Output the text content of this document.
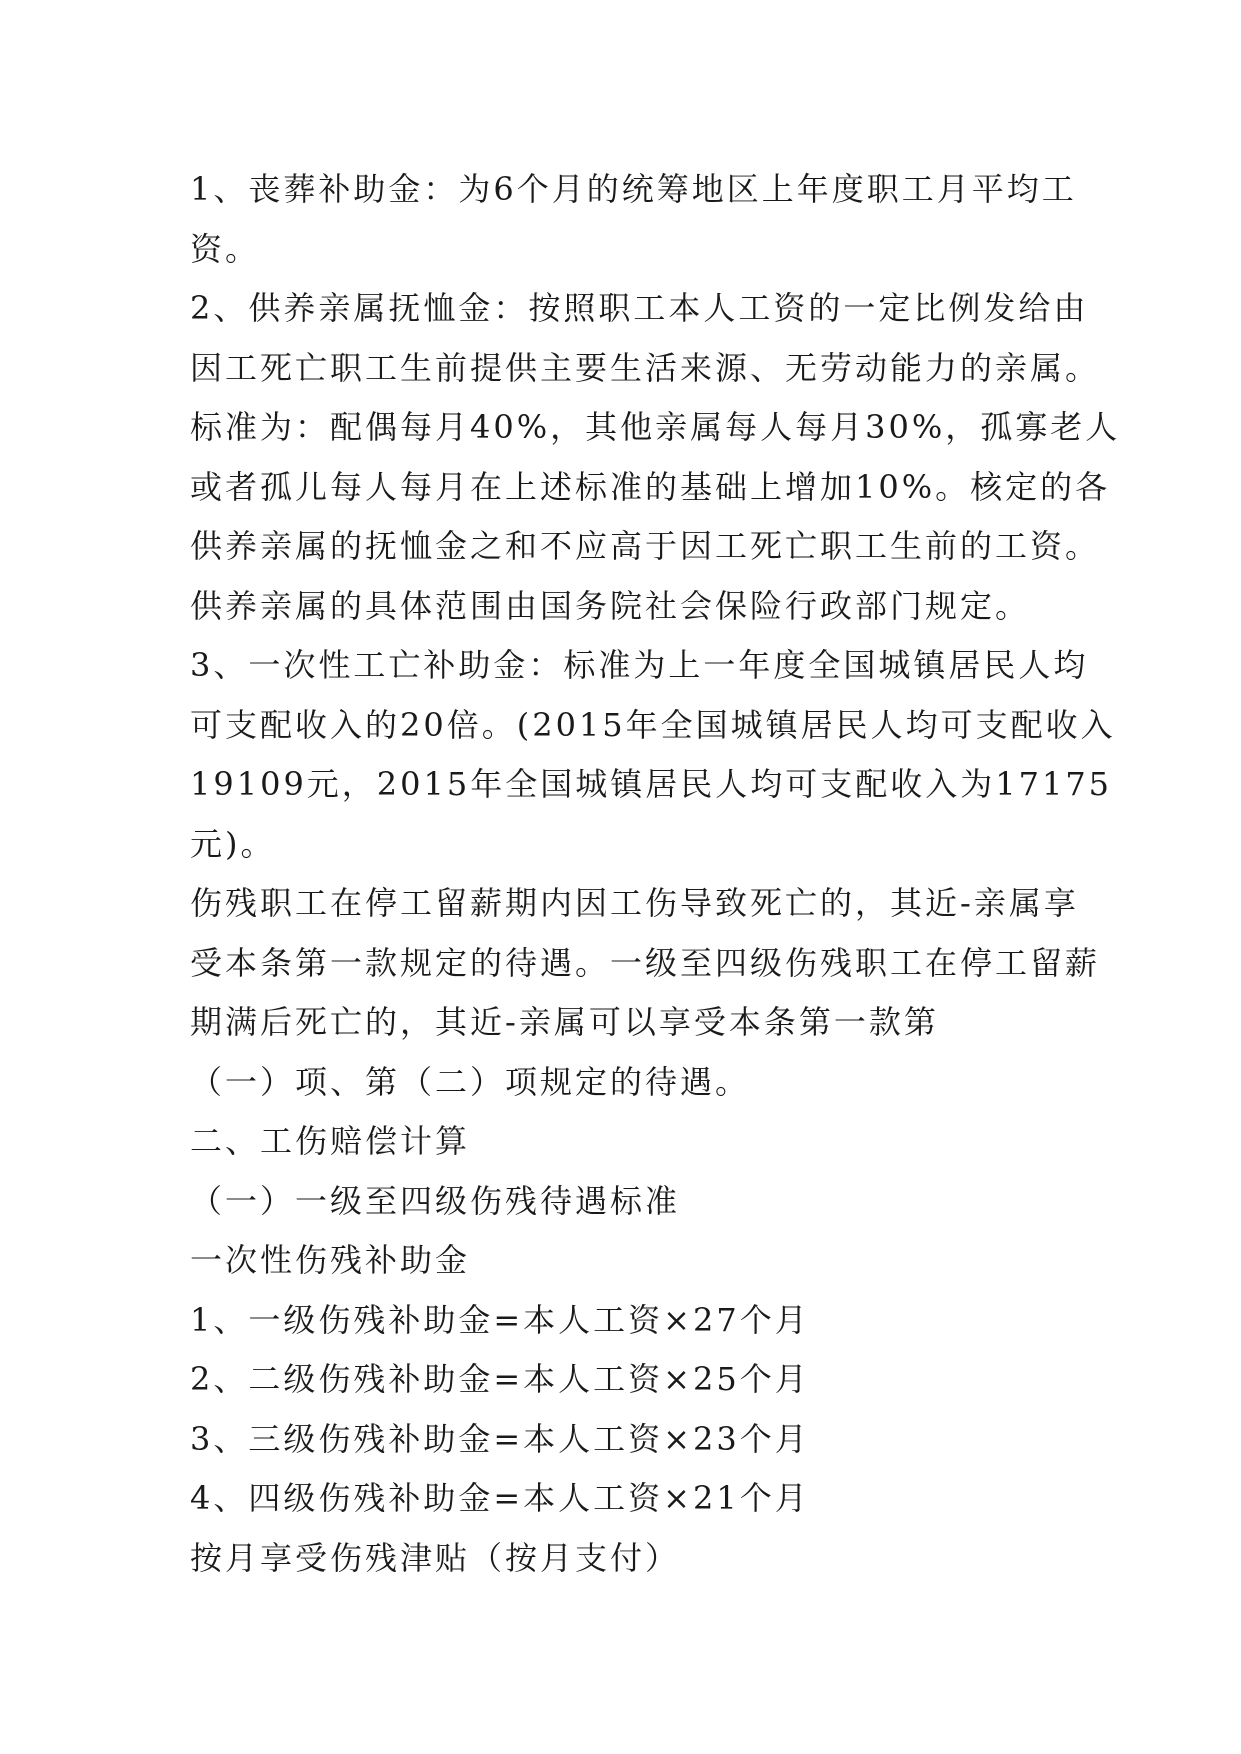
1、丧葬补助金：为6个月的统筹地区上年度职工月平均工
资。
2、供养亲属抚恤金：按照职工本人工资的一定比例发给由
因工死亡职工生前提供主要生活来源、无劳动能力的亲属。
标准为：配偶每月40%，其他亲属每人每月30%，孤寡老人
或者孤儿每人每月在上述标准的基础上增加10%。核定的各
供养亲属的抚恤金之和不应高于因工死亡职工生前的工资。
供养亲属的具体范围由国务院社会保险行政部门规定。
3、一次性工亡补助金：标准为上一年度全国城镇居民人均
可支配收入的20倍。(2015年全国城镇居民人均可支配收入
19109元，2015年全国城镇居民人均可支配收入为17175
元)。
伤残职工在停工留薪期内因工伤导致死亡的，其近-亲属享
受本条第一款规定的待遇。一级至四级伤残职工在停工留薪
期满后死亡的，其近-亲属可以享受本条第一款第
（一）项、第（二）项规定的待遇。
二、工伤赔偿计算
（一）一级至四级伤残待遇标准
一次性伤残补助金
1、一级伤残补助金=本人工资×27个月
2、二级伤残补助金=本人工资×25个月
3、三级伤残补助金=本人工资×23个月
4、四级伤残补助金=本人工资×21个月
按月享受伤残津贴（按月支付）
